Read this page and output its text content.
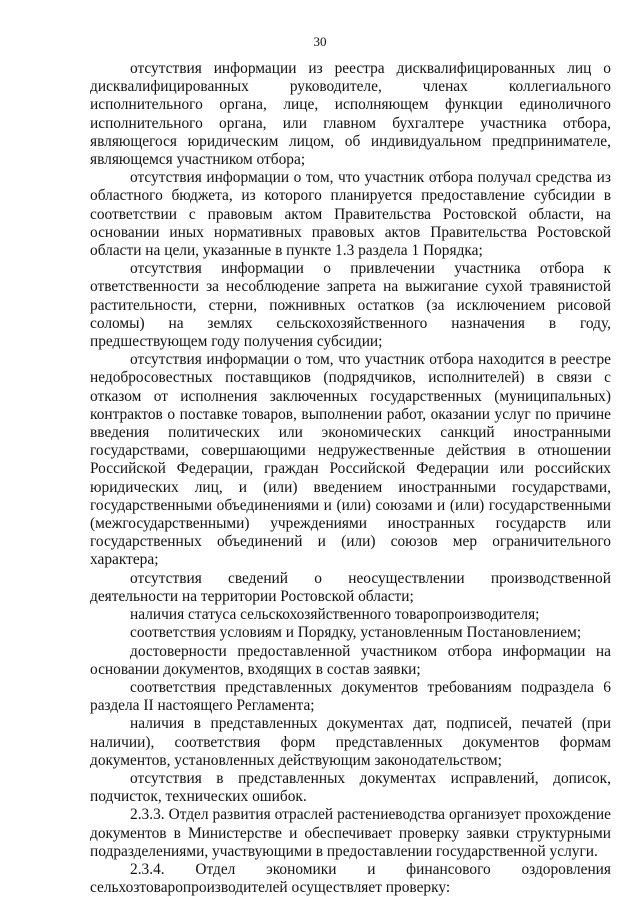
30

отсутствия информации из реестра дисквалифицированных лиц о дисквалифицированных руководителе, членах коллегиального исполнительного органа, лице, исполняющем функции единоличного исполнительного органа, или главном бухгалтере участника отбора, являющегося юридическим лицом, об индивидуальном предпринимателе, являющемся участником отбора;

отсутствия информации о том, что участник отбора получал средства из областного бюджета, из которого планируется предоставление субсидии в соответствии с правовым актом Правительства Ростовской области, на основании иных нормативных правовых актов Правительства Ростовской области на цели, указанные в пункте 1.3 раздела 1 Порядка;

отсутствия информации о привлечении участника отбора к ответственности за несоблюдение запрета на выжигание сухой травянистой растительности, стерни, пожнивных остатков (за исключением рисовой соломы) на землях сельскохозяйственного назначения в году, предшествующем году получения субсидии;

отсутствия информации о том, что участник отбора находится в реестре недобросовестных поставщиков (подрядчиков, исполнителей) в связи с отказом от исполнения заключенных государственных (муниципальных) контрактов о поставке товаров, выполнении работ, оказании услуг по причине введения политических или экономических санкций иностранными государствами, совершающими недружественные действия в отношении Российской Федерации, граждан Российской Федерации или российских юридических лиц, и (или) введением иностранными государствами, государственными объединениями и (или) союзами и (или) государственными (межгосударственными) учреждениями иностранных государств или государственных объединений и (или) союзов мер ограничительного характера;

отсутствия сведений о неосуществлении производственной деятельности на территории Ростовской области;

наличия статуса сельскохозяйственного товаропроизводителя;

соответствия условиям и Порядку, установленным Постановлением;

достоверности предоставленной участником отбора информации на основании документов, входящих в состав заявки;

соответствия представленных документов требованиям подраздела 6 раздела II настоящего Регламента;

наличия в представленных документах дат, подписей, печатей (при наличии), соответствия форм представленных документов формам документов, установленных действующим законодательством;

отсутствия в представленных документах исправлений, дописок, подчисток, технических ошибок.

2.3.3. Отдел развития отраслей растениеводства организует прохождение документов в Министерстве и обеспечивает проверку заявки структурными подразделениями, участвующими в предоставлении государственной услуги.

2.3.4. Отдел экономики и финансового оздоровления сельхозтоваропроизводителей осуществляет проверку:
